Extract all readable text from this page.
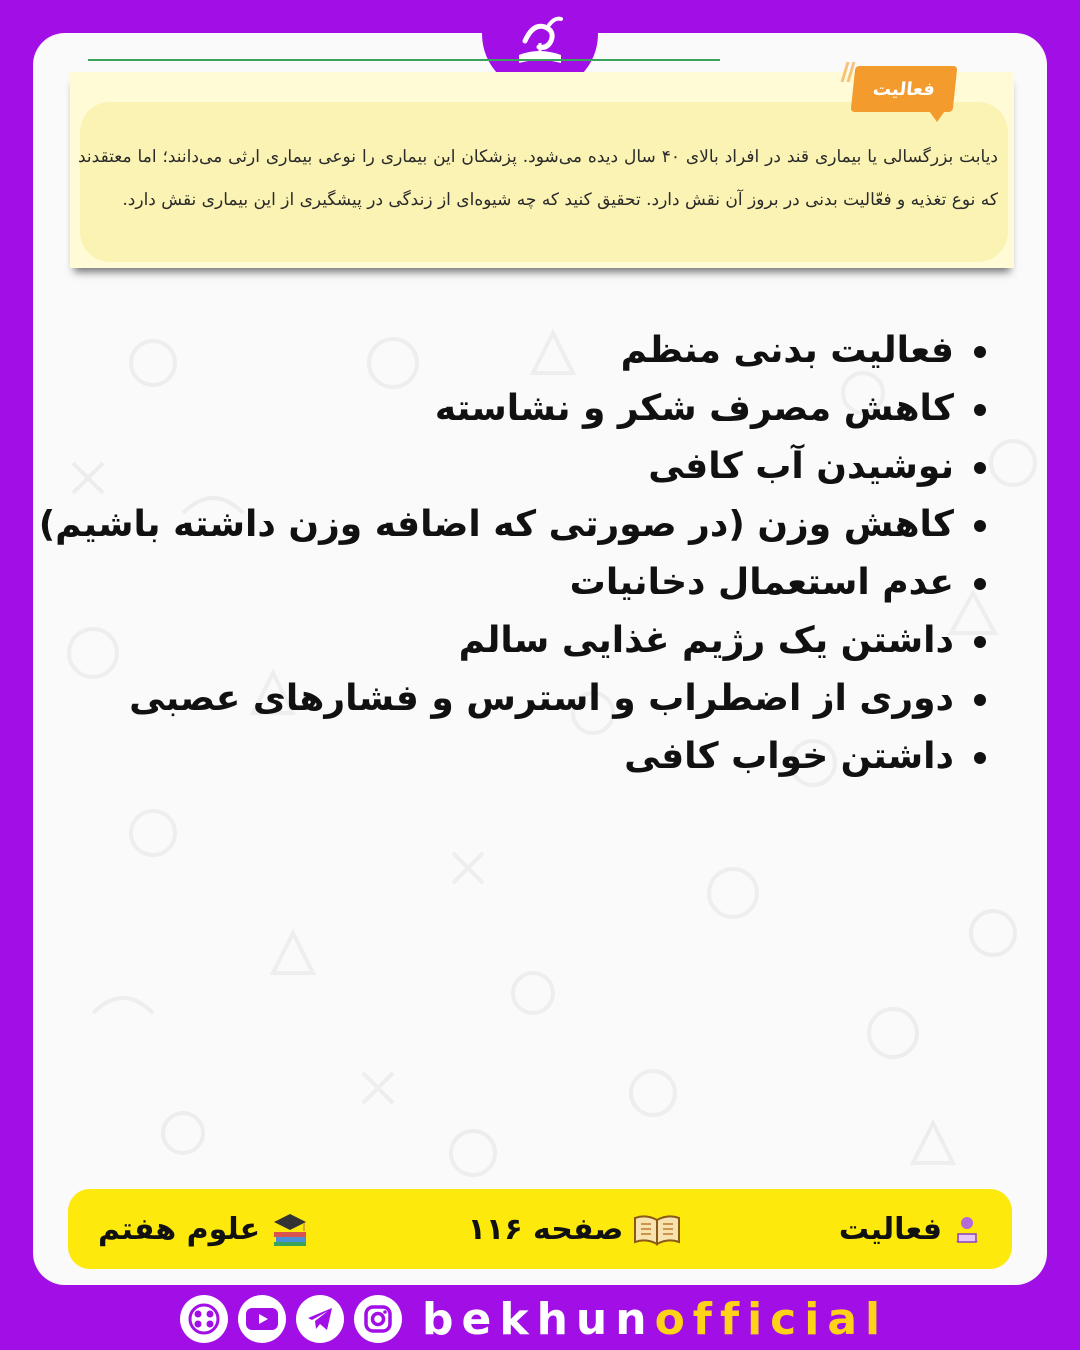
فعالیت
دیابت بزرگسالی یا بیماری قند در افراد بالای ۴۰ سال دیده می‌شود. پزشکان این بیماری را نوعی بیماری ارثی می‌دانند؛ اما معتقدند که نوع تغذیه و فعّالیت بدنی در بروز آن نقش دارد. تحقیق کنید که چه شیوه‌ای از زندگی در پیشگیری از این بیماری نقش دارد.
فعالیت بدنی منظم
کاهش مصرف شکر و نشاسته
نوشیدن آب کافی
کاهش وزن (در صورتی که اضافه وزن داشته باشیم)
عدم استعمال دخانیات
داشتن یک رژیم غذایی سالم
دوری از اضطراب و استرس و فشارهای عصبی
داشتن خواب کافی
فعالیت
صفحه ۱۱۶
علوم هفتم
bekhunofficial
